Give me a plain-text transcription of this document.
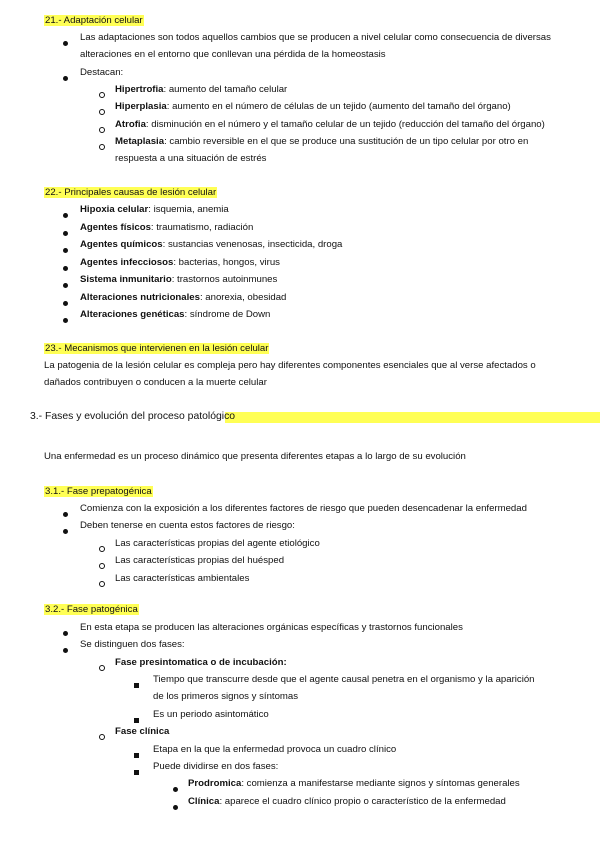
21.- Adaptación celular
Las adaptaciones son todos aquellos cambios que se producen a nivel celular como consecuencia de diversas
alteraciones en el entorno que conllevan una pérdida de la homeostasis
Destacan:
Hipertrofia: aumento del tamaño celular
Hiperplasia: aumento en el número de células de un tejido (aumento del tamaño del órgano)
Atrofia: disminución en el número y el tamaño celular de un tejido (reducción del tamaño del órgano)
Metaplasia: cambio reversible en el que se produce una sustitución de un tipo celular por otro en
respuesta a una situación de estrés
22.- Principales causas de lesión celular
Hipoxia celular: isquemia, anemia
Agentes físicos: traumatismo, radiación
Agentes químicos: sustancias venenosas, insecticida, droga
Agentes infecciosos: bacterias, hongos, virus
Sistema inmunitario: trastornos autoinmunes
Alteraciones nutricionales: anorexia, obesidad
Alteraciones genéticas: síndrome de Down
23.- Mecanismos que intervienen en la lesión celular
La patogenia de la lesión celular es compleja pero hay diferentes componentes esenciales que al verse afectados o
dañados contribuyen o conducen a la muerte celular
3.- Fases y evolución del proceso patológico
Una enfermedad es un proceso dinámico que presenta diferentes etapas a lo largo de su evolución
3.1.- Fase prepatogénica
Comienza con la exposición a los diferentes factores de riesgo que pueden desencadenar la enfermedad
Deben tenerse en cuenta estos factores de riesgo:
Las características propias del agente etiológico
Las características propias del huésped
Las características ambientales
3.2.- Fase patogénica
En esta etapa se producen las alteraciones orgánicas específicas y trastornos funcionales
Se distinguen dos fases:
Fase presintomatica o de incubación:
Tiempo que transcurre desde que el agente causal penetra en el organismo y la aparición
de los primeros signos y síntomas
Es un periodo asintomático
Fase clínica
Etapa en la que la enfermedad provoca un cuadro clínico
Puede dividirse en dos fases:
Prodromica: comienza a manifestarse mediante signos y síntomas generales
Clínica: aparece el cuadro clínico propio o característico de la enfermedad
